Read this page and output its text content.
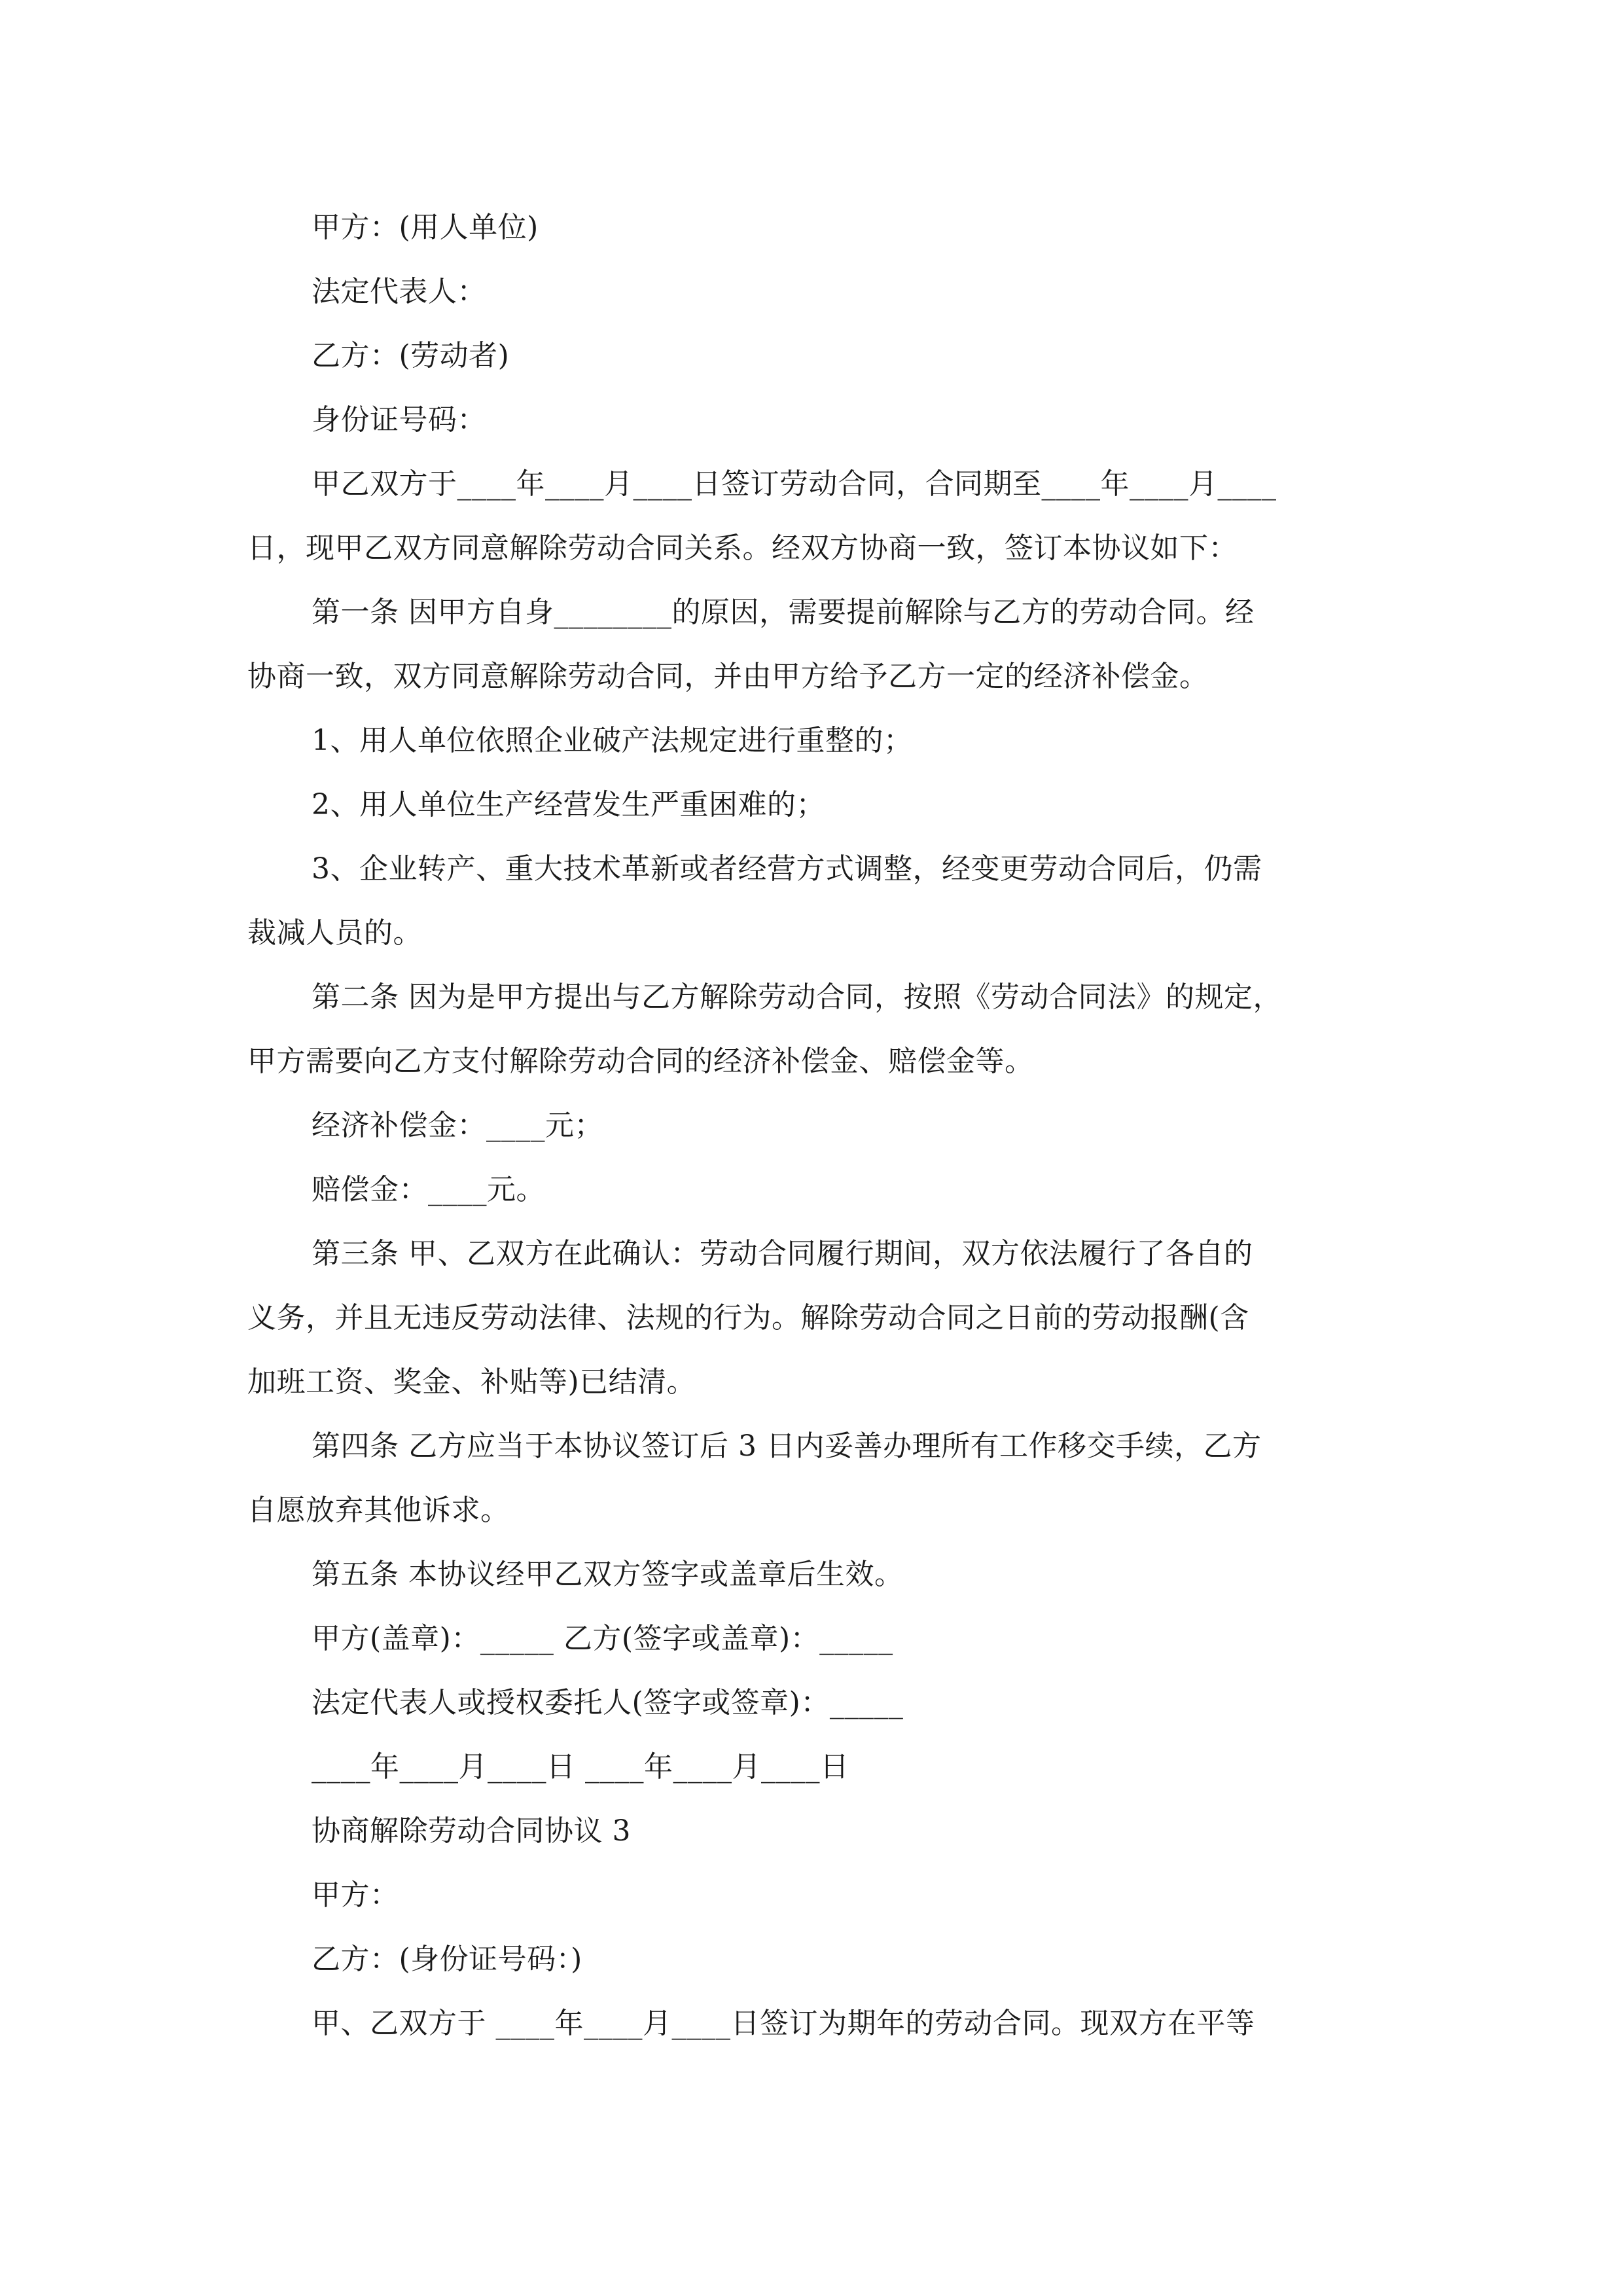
甲方：(用人单位)
法定代表人：
乙方：(劳动者)
身份证号码：
甲乙双方于____年____月____日签订劳动合同，合同期至____年____月____
日，现甲乙双方同意解除劳动合同关系。经双方协商一致，签订本协议如下：
第一条 因甲方自身________的原因，需要提前解除与乙方的劳动合同。经
协商一致，双方同意解除劳动合同，并由甲方给予乙方一定的经济补偿金。
1、用人单位依照企业破产法规定进行重整的；
2、用人单位生产经营发生严重困难的；
3、企业转产、重大技术革新或者经营方式调整，经变更劳动合同后，仍需
裁减人员的。
第二条 因为是甲方提出与乙方解除劳动合同，按照《劳动合同法》的规定，
甲方需要向乙方支付解除劳动合同的经济补偿金、赔偿金等。
经济补偿金：____元；
赔偿金：____元。
第三条 甲、乙双方在此确认：劳动合同履行期间，双方依法履行了各自的
义务，并且无违反劳动法律、法规的行为。解除劳动合同之日前的劳动报酬(含
加班工资、奖金、补贴等)已结清。
第四条 乙方应当于本协议签订后 3 日内妥善办理所有工作移交手续，乙方
自愿放弃其他诉求。
第五条 本协议经甲乙双方签字或盖章后生效。
甲方(盖章)：_____ 乙方(签字或盖章)：_____
法定代表人或授权委托人(签字或签章)：_____
____年____月____日 ____年____月____日
协商解除劳动合同协议 3
甲方：
乙方：(身份证号码：)
甲、乙双方于 ____年____月____日签订为期年的劳动合同。现双方在平等
